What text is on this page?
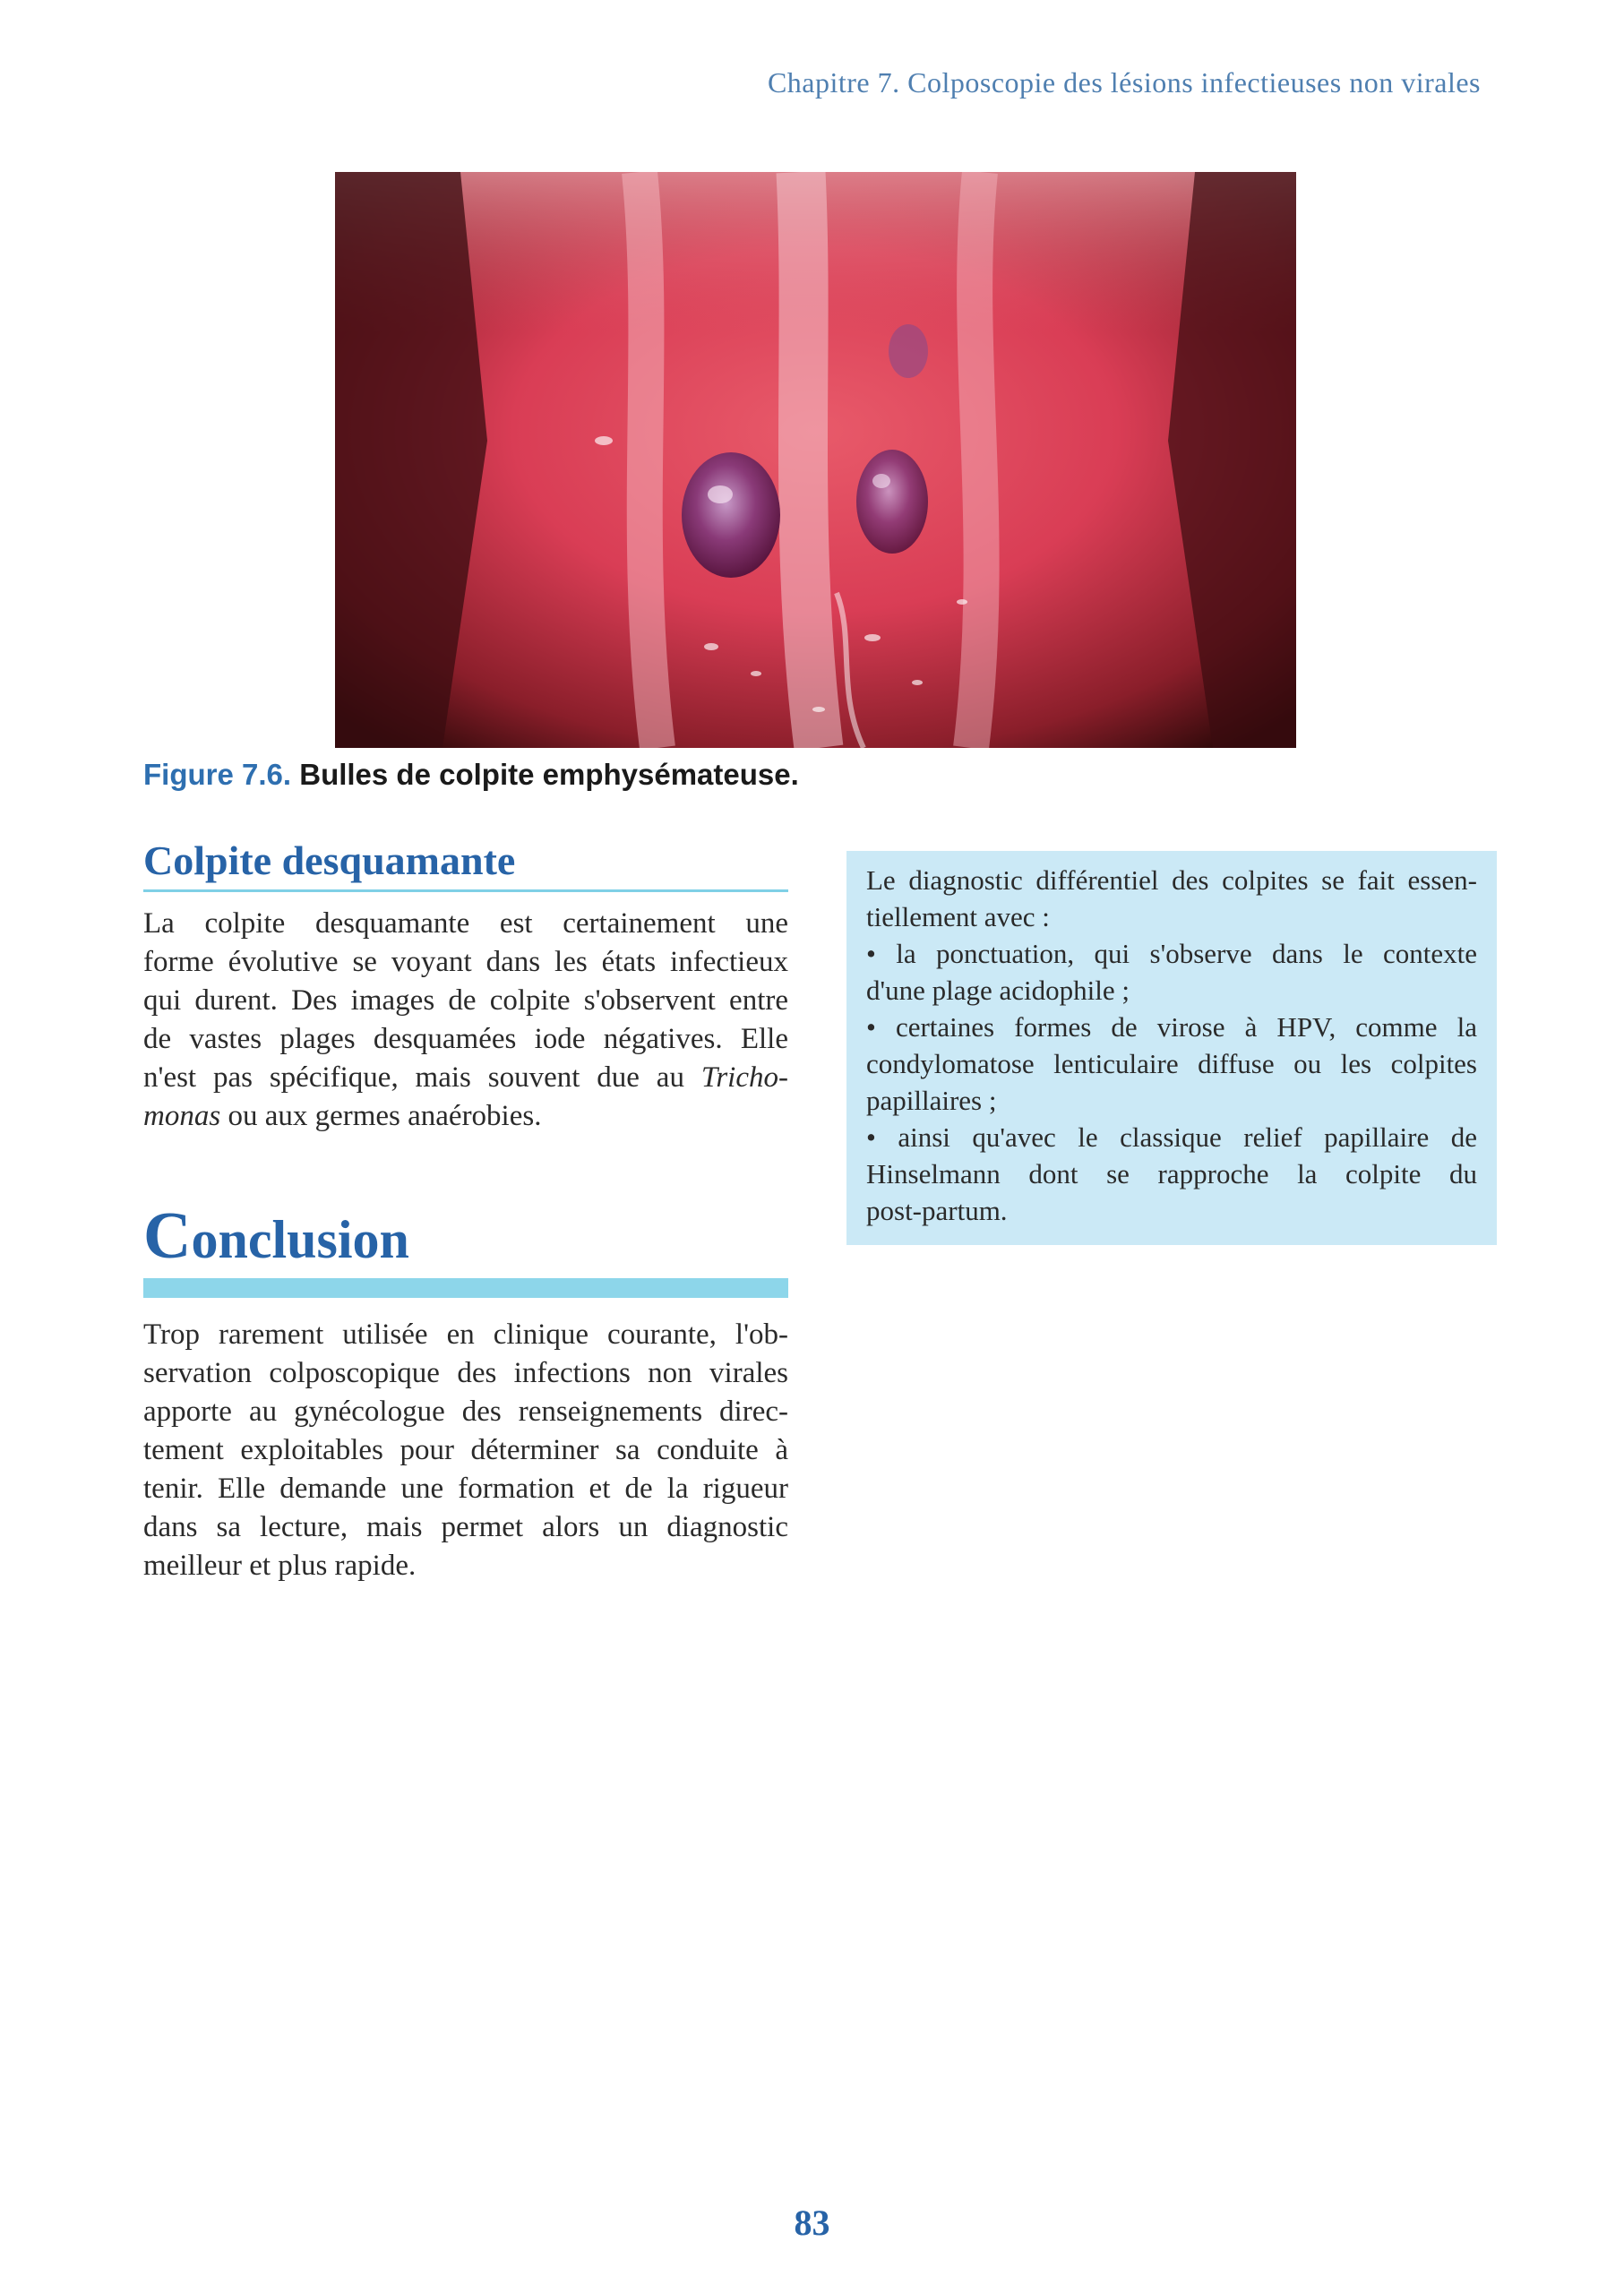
Chapitre 7. Colposcopie des lésions infectieuses non virales
Figure 7.6. Bulles de colpite emphysémateuse.
Colpite desquamante
La colpite desquamante est certainement une
forme évolutive se voyant dans les états infectieux
qui durent. Des images de colpite s'observent entre
de vastes plages desquamées iode négatives. Elle
n'est pas spécifique, mais souvent due au Tricho-
monas ou aux germes anaérobies.
Conclusion
Trop rarement utilisée en clinique courante, l'ob-
servation colposcopique des infections non virales
apporte au gynécologue des renseignements direc-
tement exploitables pour déterminer sa conduite à
tenir. Elle demande une formation et de la rigueur
dans sa lecture, mais permet alors un diagnostic
meilleur et plus rapide.
Le diagnostic différentiel des colpites se fait essen-
tiellement avec :
• la ponctuation, qui s'observe dans le contexte
d'une plage acidophile ;
• certaines formes de virose à HPV, comme la
condylomatose lenticulaire diffuse ou les colpites
papillaires ;
• ainsi qu'avec le classique relief papillaire de
Hinselmann dont se rapproche la colpite du
post-partum.
83
